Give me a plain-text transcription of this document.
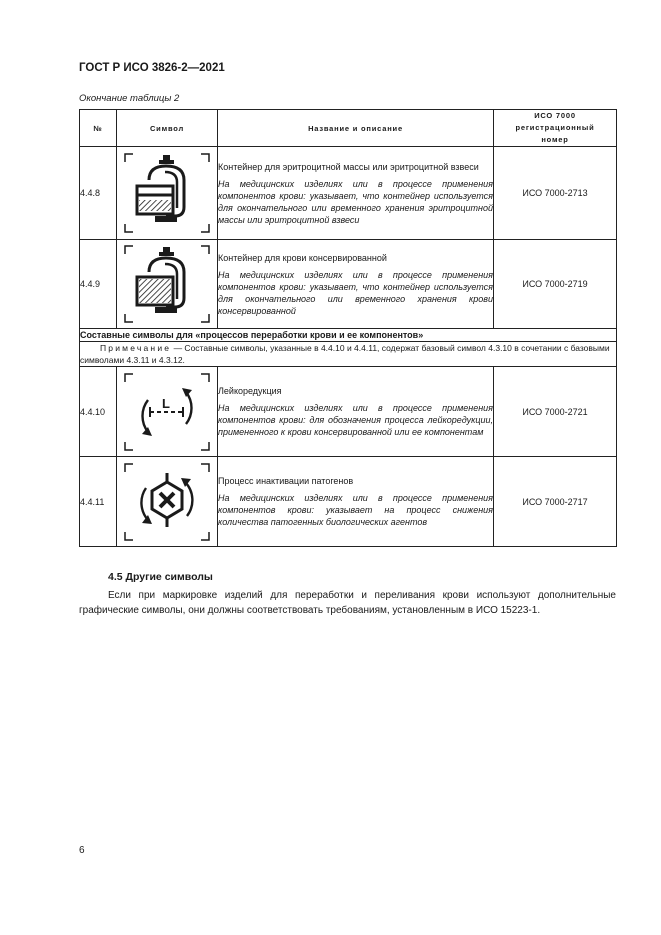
ГОСТ Р ИСО 3826-2—2021
Окончание таблицы 2
№	Символ	Название и описание	ИСО 7000
регистрационный
номер

4.4.8		Контейнер для эритроцитной массы или эритроцитной взвеси
На медицинских изделиях или в процессе применения компонентов крови: указывает, что контейнер используется для окончательного или временного хранения эритроцитной массы или эритроцитной взвеси	ИСО 7000-2713
4.4.9		Контейнер для крови консервированной
На медицинских изделиях или в процессе применения компонентов крови: указывает, что контейнер используется для окончательного или временного хранения крови консервированной	ИСО 7000-2719
Составные символы для «процессов переработки крови и ее компонентов»			
Примечание — Составные символы, указанные в 4.4.10 и 4.4.11, содержат базовый символ 4.3.10 в сочетании с базовыми символами 4.3.11 и 4.3.12.			
4.4.10	L	Лейкоредукция
На медицинских изделиях или в процессе применения компонентов крови: для обозначения процесса лейкоредукции, примененного к крови консервированной или ее компонентам	ИСО 7000-2721
4.4.11		Процесс инактивации патогенов
На медицинских изделиях или в процессе применения компонентов крови: указывает на процесс снижения количества патогенных биологических агентов	ИСО 7000-2717
4.5 Другие символы
Если при маркировке изделий для переработки и переливания крови используют дополнительные графические символы, они должны соответствовать требованиям, установленным в ИСО 15223-1.
6
